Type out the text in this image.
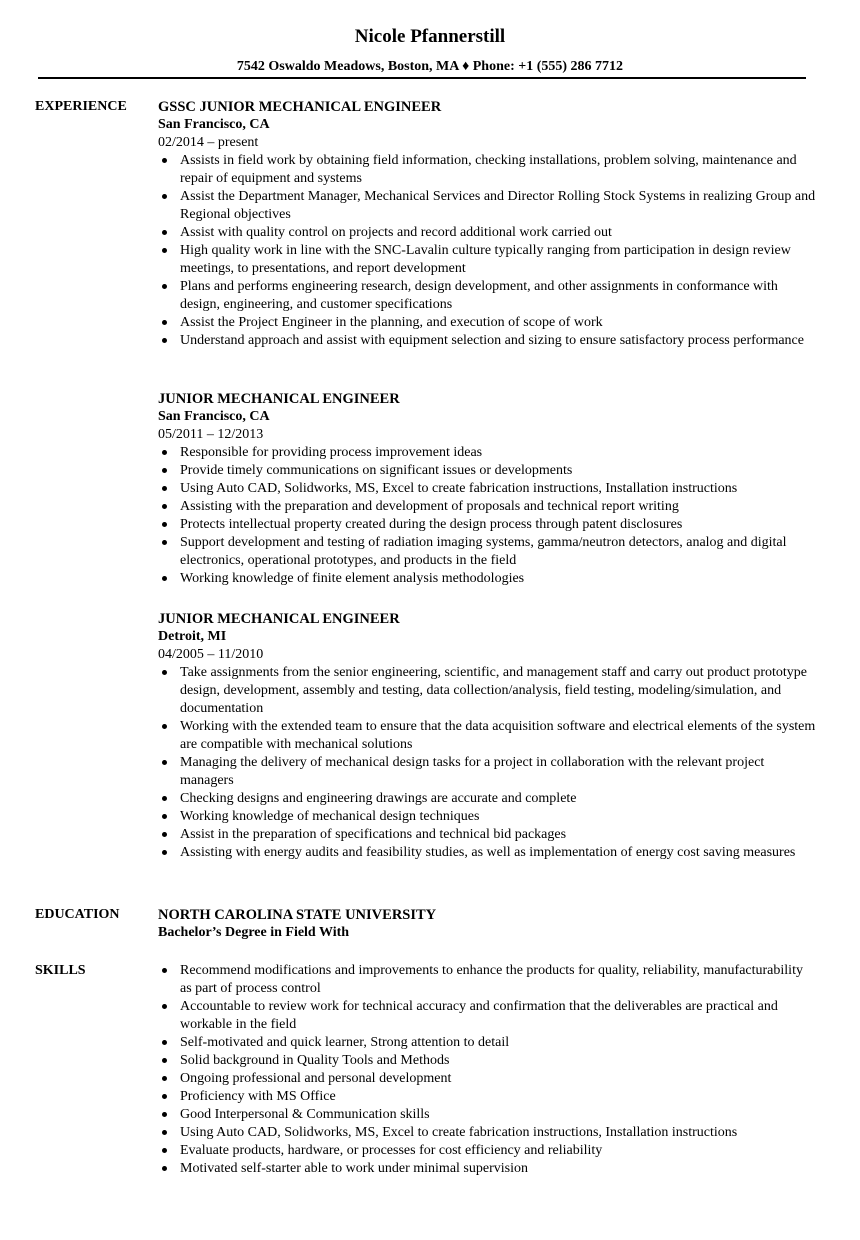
Nicole Pfannerstill
7542 Oswaldo Meadows, Boston, MA ♦ Phone: +1 (555) 286 7712
EXPERIENCE GSSC JUNIOR MECHANICAL ENGINEER
San Francisco, CA
02/2014 – present
Assists in field work by obtaining field information, checking installations, problem solving, maintenance and repair of equipment and systems
Assist the Department Manager, Mechanical Services and Director Rolling Stock Systems in realizing Group and Regional objectives
Assist with quality control on projects and record additional work carried out
High quality work in line with the SNC-Lavalin culture typically ranging from participation in design review meetings, to presentations, and report development
Plans and performs engineering research, design development, and other assignments in conformance with design, engineering, and customer specifications
Assist the Project Engineer in the planning, and execution of scope of work
Understand approach and assist with equipment selection and sizing to ensure satisfactory process performance
JUNIOR MECHANICAL ENGINEER
San Francisco, CA
05/2011 – 12/2013
Responsible for providing process improvement ideas
Provide timely communications on significant issues or developments
Using Auto CAD, Solidworks, MS, Excel to create fabrication instructions, Installation instructions
Assisting with the preparation and development of proposals and technical report writing
Protects intellectual property created during the design process through patent disclosures
Support development and testing of radiation imaging systems, gamma/neutron detectors, analog and digital electronics, operational prototypes, and products in the field
Working knowledge of finite element analysis methodologies
JUNIOR MECHANICAL ENGINEER
Detroit, MI
04/2005 – 11/2010
Take assignments from the senior engineering, scientific, and management staff and carry out product prototype design, development, assembly and testing, data collection/analysis, field testing, modeling/simulation, and documentation
Working with the extended team to ensure that the data acquisition software and electrical elements of the system are compatible with mechanical solutions
Managing the delivery of mechanical design tasks for a project in collaboration with the relevant project managers
Checking designs and engineering drawings are accurate and complete
Working knowledge of mechanical design techniques
Assist in the preparation of specifications and technical bid packages
Assisting with energy audits and feasibility studies, as well as implementation of energy cost saving measures
EDUCATION	NORTH CAROLINA STATE UNIVERSITY
Bachelor’s Degree in Field With
SKILLS	Recommend modifications and improvements to enhance the products for quality, reliability, manufacturability as part of process control
Accountable to review work for technical accuracy and confirmation that the deliverables are practical and workable in the field
Self-motivated and quick learner, Strong attention to detail
Solid background in Quality Tools and Methods
Ongoing professional and personal development
Proficiency with MS Office
Good Interpersonal & Communication skills
Using Auto CAD, Solidworks, MS, Excel to create fabrication instructions, Installation instructions
Evaluate products, hardware, or processes for cost efficiency and reliability
Motivated self-starter able to work under minimal supervision
